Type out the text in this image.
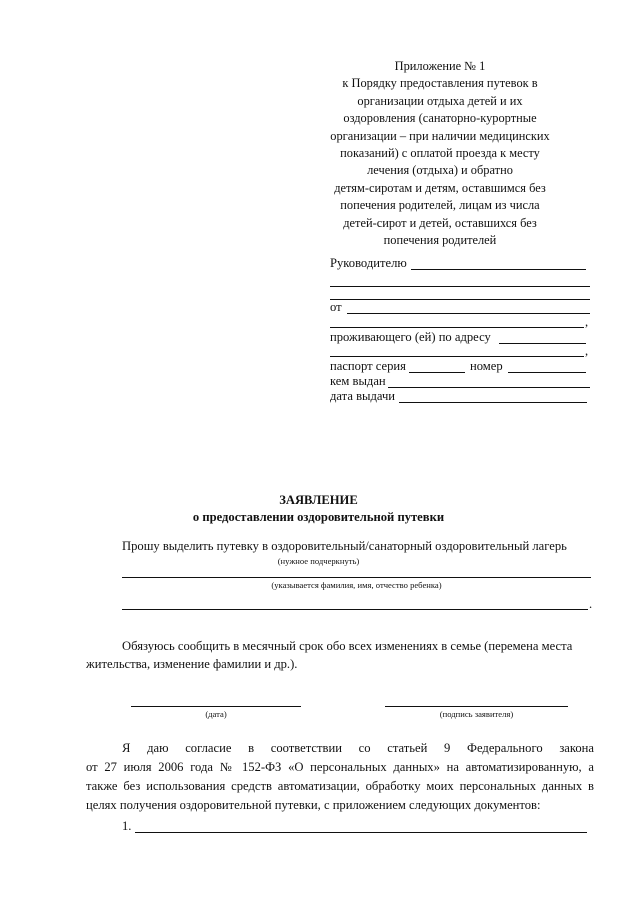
Приложение № 1
к Порядку предоставления путевок в
организации отдыха детей и их
оздоровления (санаторно-курортные
организации – при наличии медицинских
показаний) с оплатой проезда к месту
лечения (отдыха) и обратно
детям-сиротам и детям, оставшимся без
попечения родителей, лицам из числа
детей-сирот и детей, оставшихся без
попечения родителей
Руководителю
от
,
проживающего (ей) по адресу
,
паспорт серия	номер
кем выдан
дата выдачи
ЗАЯВЛЕНИЕ
о предоставлении оздоровительной путевки
Прошу выделить путевку в оздоровительный/санаторный оздоровительный лагерь
(нужное подчеркнуть)
(указывается фамилия, имя, отчество ребенка)
.
Обязуюсь сообщить в месячный срок обо всех изменениях в семье (перемена места
жительства, изменение фамилии и др.).
(дата)	(подпись заявителя)
Я даю согласие в соответствии со статьей 9 Федерального закона
от 27 июля 2006 года № 152-ФЗ «О персональных данных» на автоматизированную, а
также без использования средств автоматизации, обработку моих персональных данных в
целях получения оздоровительной путевки, с приложением следующих документов:
1.
